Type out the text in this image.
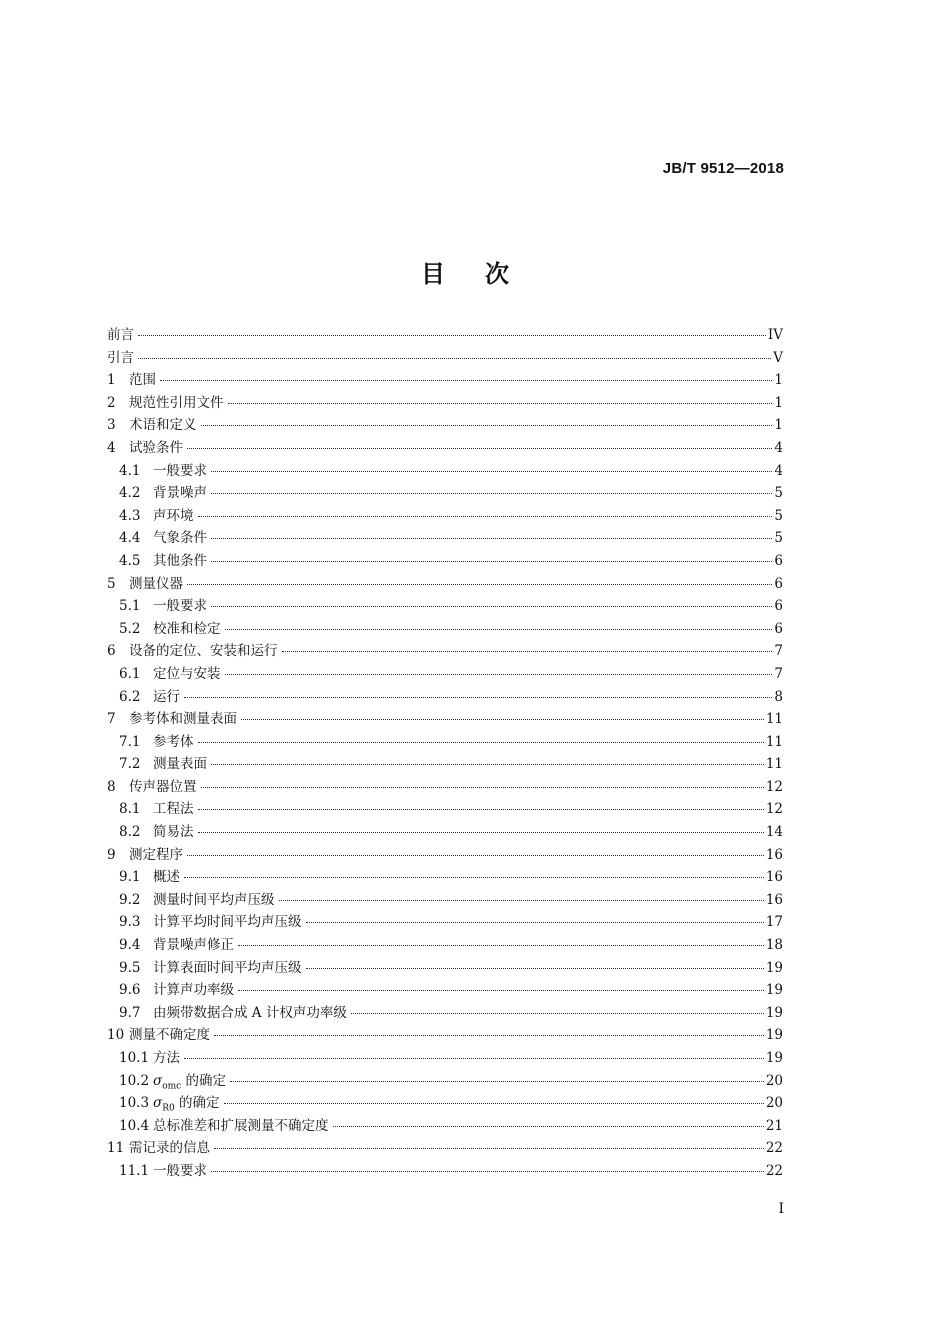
JB/T 9512—2018
目次
前言	IV
引言	V
1 范围	1
2 规范性引用文件	1
3 术语和定义	1
4 试验条件	4
4.1 一般要求	4
4.2 背景噪声	5
4.3 声环境	5
4.4 气象条件	5
4.5 其他条件	6
5 测量仪器	6
5.1 一般要求	6
5.2 校准和检定	6
6 设备的定位、安装和运行	7
6.1 定位与安装	7
6.2 运行	8
7 参考体和测量表面	11
7.1 参考体	11
7.2 测量表面	11
8 传声器位置	12
8.1 工程法	12
8.2 简易法	14
9 测定程序	16
9.1 概述	16
9.2 测量时间平均声压级	16
9.3 计算平均时间平均声压级	17
9.4 背景噪声修正	18
9.5 计算表面时间平均声压级	19
9.6 计算声功率级	19
9.7 由频带数据合成 A 计权声功率级	19
10 测量不确定度	19
10.1 方法	19
10.2 $\sigma_{omc}$ 的确定	20
10.3 $\sigma_{R0}$ 的确定	20
10.4 总标准差和扩展测量不确定度	21
11 需记录的信息	22
11.1 一般要求	22
I
